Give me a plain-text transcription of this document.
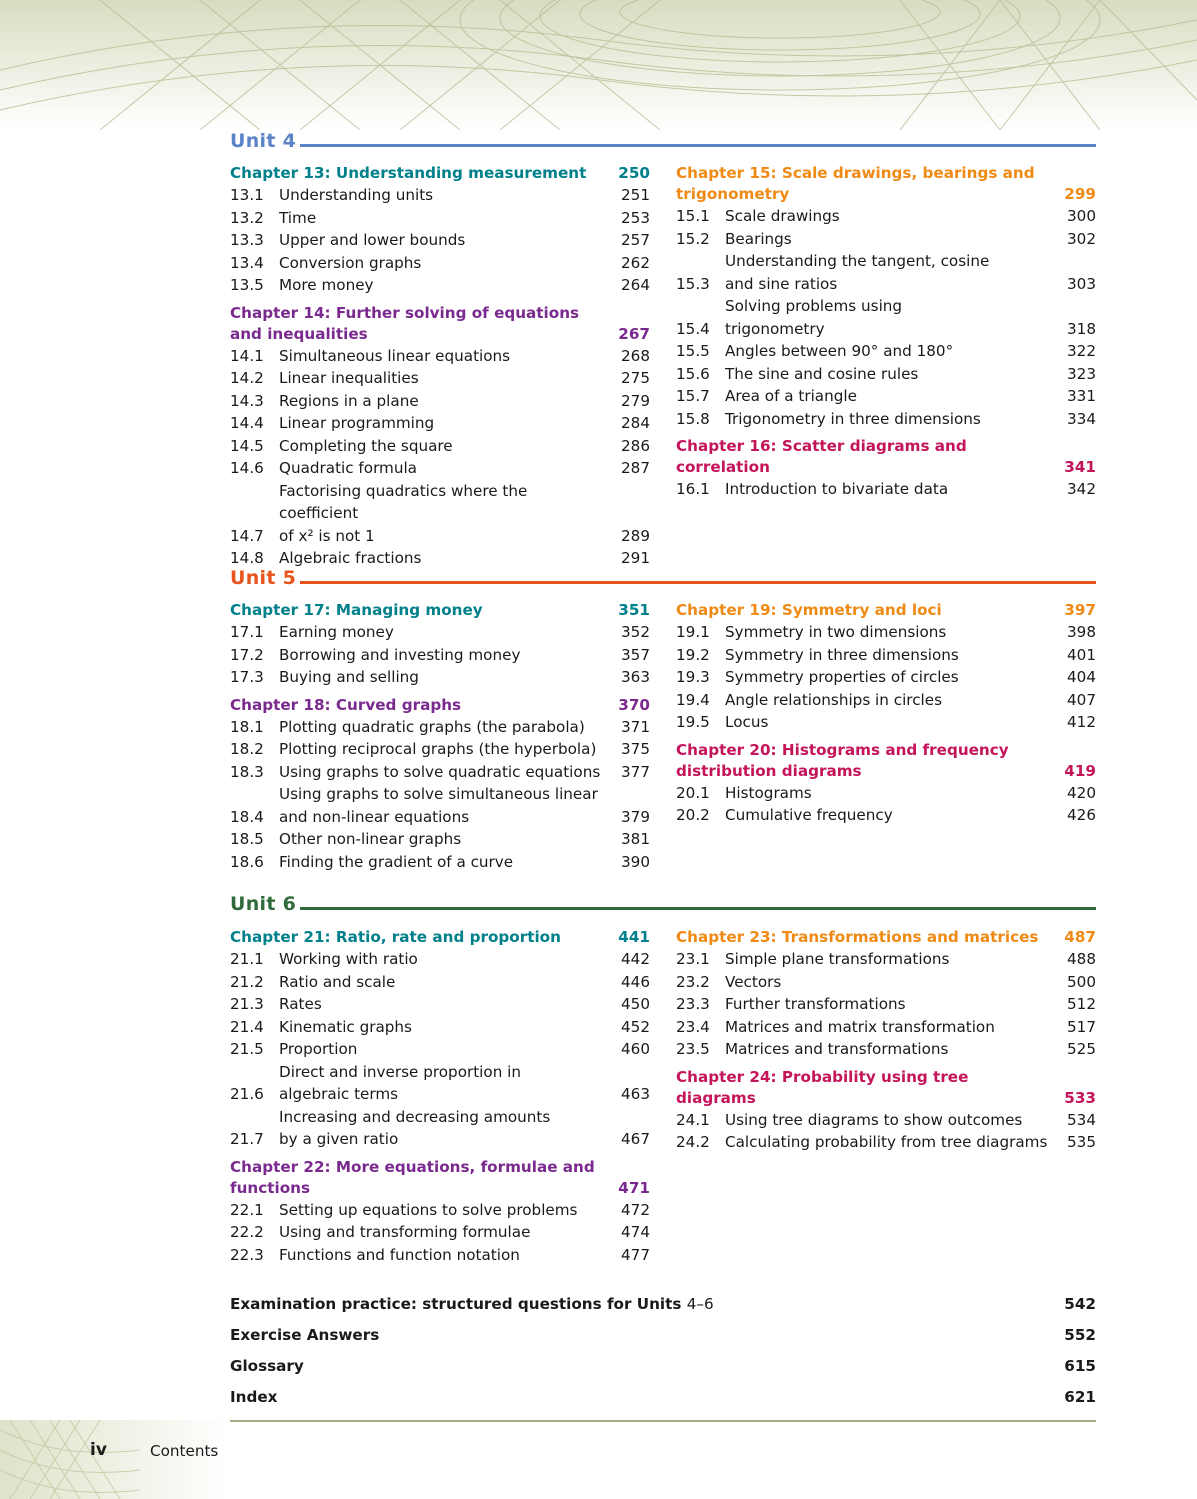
Unit 4
Chapter 13: Understanding measurement	250
13.1 Understanding units	251
13.2 Time	253
13.3 Upper and lower bounds	257
13.4 Conversion graphs	262
13.5 More money	264
Chapter 14: Further solving of equations and inequalities	267
14.1 Simultaneous linear equations	268
14.2 Linear inequalities	275
14.3 Regions in a plane	279
14.4 Linear programming	284
14.5 Completing the square	286
14.6 Quadratic formula	287
14.7
Factorising quadratics where the coefficient
of x² is not 1	289
14.8 Algebraic fractions	291
Chapter 15: Scale drawings, bearings and trigonometry	299
15.1 Scale drawings	300
15.2 Bearings	302
15.3
Understanding the tangent, cosine
and sine ratios	303
15.4
Solving problems using
trigonometry	318
15.5 Angles between 90° and 180°	322
15.6 The sine and cosine rules	323
15.7 Area of a triangle	331
15.8 Trigonometry in three dimensions	334
Chapter 16: Scatter diagrams and correlation	341
16.1 Introduction to bivariate data	342
Unit 5
Chapter 17: Managing money	351
17.1 Earning money	352
17.2 Borrowing and investing money	357
17.3 Buying and selling	363
Chapter 18: Curved graphs	370
18.1 Plotting quadratic graphs (the parabola)	371
18.2 Plotting reciprocal graphs (the hyperbola)	375
18.3 Using graphs to solve quadratic equations	377
18.4
Using graphs to solve simultaneous linear
and non-linear equations	379
18.5 Other non-linear graphs	381
18.6 Finding the gradient of a curve	390
Chapter 19: Symmetry and loci	397
19.1 Symmetry in two dimensions	398
19.2 Symmetry in three dimensions	401
19.3 Symmetry properties of circles	404
19.4 Angle relationships in circles	407
19.5 Locus	412
Chapter 20: Histograms and frequency distribution diagrams	419
20.1 Histograms	420
20.2 Cumulative frequency	426
Unit 6
Chapter 21: Ratio, rate and proportion	441
21.1 Working with ratio	442
21.2 Ratio and scale	446
21.3 Rates	450
21.4 Kinematic graphs	452
21.5 Proportion	460
21.6
Direct and inverse proportion in
algebraic terms	463
21.7
Increasing and decreasing amounts
by a given ratio	467
Chapter 22: More equations, formulae and functions	471
22.1 Setting up equations to solve problems	472
22.2 Using and transforming formulae	474
22.3 Functions and function notation	477
Chapter 23: Transformations and matrices	487
23.1 Simple plane transformations	488
23.2 Vectors	500
23.3 Further transformations	512
23.4 Matrices and matrix transformation	517
23.5 Matrices and transformations	525
Chapter 24: Probability using tree diagrams	533
24.1 Using tree diagrams to show outcomes	534
24.2 Calculating probability from tree diagrams	535
Examination practice: structured questions for Units 4–6	542
Exercise Answers	552
Glossary	615
Index	621
iv	Contents
